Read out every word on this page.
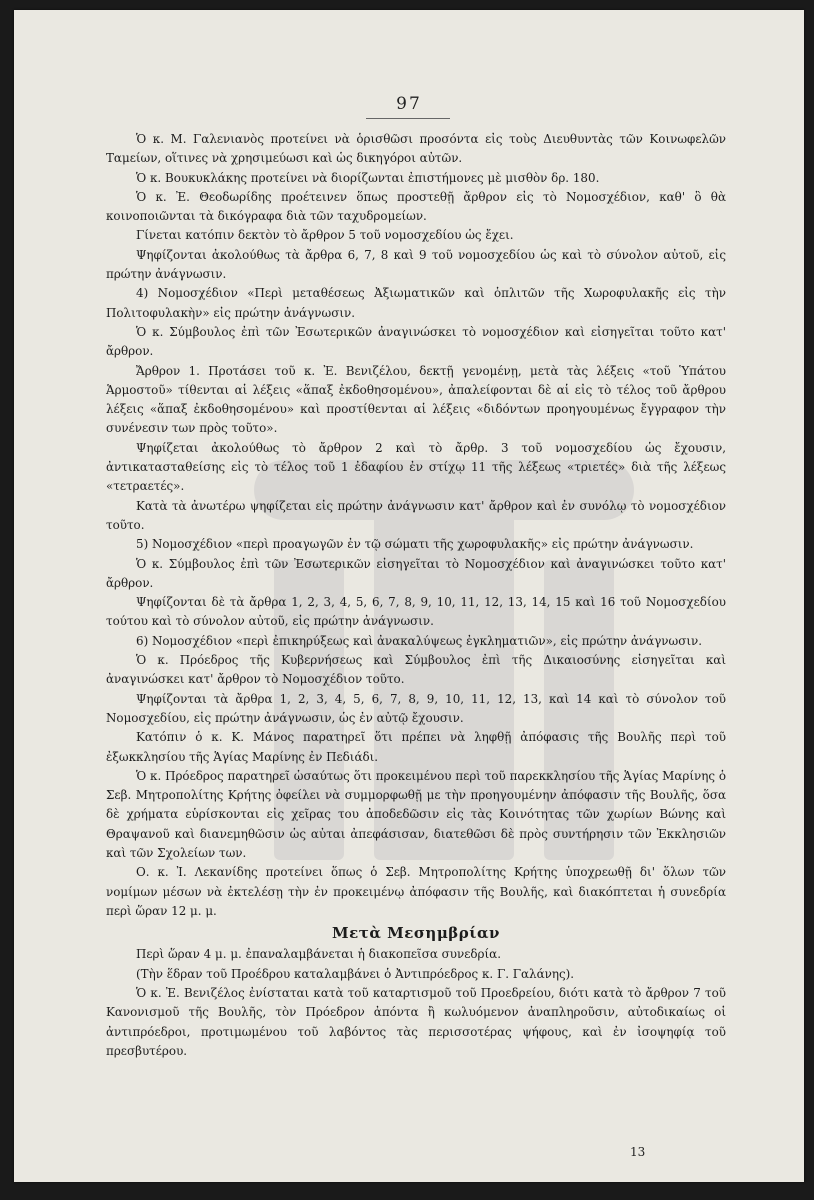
97

Ὁ κ. Μ. Γαλενιανὸς προτείνει νὰ ὁρισθῶσι προσόντα εἰς τοὺς Διευθυντὰς τῶν Κοινωφελῶν Ταμείων, οἵτινες νὰ χρησιμεύωσι καὶ ὡς δικηγόροι αὐτῶν.

Ὁ κ. Βουκυκλάκης προτείνει νὰ διορίζωνται ἐπιστήμονες μὲ μισθὸν δρ. 180.

Ὁ κ. Ἐ. Θεοδωρίδης προέτεινεν ὅπως προστεθῇ ἄρθρον εἰς τὸ Νομοσχέδιον, καθ' ὃ θὰ κοινοποιῶνται τὰ δικόγραφα διὰ τῶν ταχυδρομείων.

Γίνεται κατόπιν δεκτὸν τὸ ἄρθρον 5 τοῦ νομοσχεδίου ὡς ἔχει.

Ψηφίζονται ἀκολούθως τὰ ἄρθρα 6, 7, 8 καὶ 9 τοῦ νομοσχεδίου ὡς καὶ τὸ σύνολον αὐτοῦ, εἰς πρώτην ἀνάγνωσιν.

4) Νομοσχέδιον «Περὶ μεταθέσεως Ἀξιωματικῶν καὶ ὁπλιτῶν τῆς Χωροφυλακῆς εἰς τὴν Πολιτοφυλακὴν» εἰς πρώτην ἀνάγνωσιν.

Ὁ κ. Σύμβουλος ἐπὶ τῶν Ἐσωτερικῶν ἀναγινώσκει τὸ νομοσχέδιον καὶ εἰσηγεῖται τοῦτο κατ' ἄρθρον.

Ἄρθρον 1. Προτάσει τοῦ κ. Ἐ. Βενιζέλου, δεκτῇ γενομένῃ, μετὰ τὰς λέξεις «τοῦ Ὑπάτου Ἁρμοστοῦ» τίθενται αἱ λέξεις «ἅπαξ ἐκδοθησομένου», ἀπαλείφονται δὲ αἱ εἰς τὸ τέλος τοῦ ἄρθρου λέξεις «ἅπαξ ἐκδοθησομένου» καὶ προστίθενται αἱ λέξεις «διδόντων προηγουμένως ἔγγραφον τὴν συνένεσιν των πρὸς τοῦτο».

Ψηφίζεται ἀκολούθως τὸ ἄρθρον 2 καὶ τὸ ἄρθρ. 3 τοῦ νομοσχεδίου ὡς ἔχουσιν, ἀντικατασταθείσης εἰς τὸ τέλος τοῦ 1 ἐδαφίου ἐν στίχῳ 11 τῆς λέξεως «τριετές» διὰ τῆς λέξεως «τετραετές».

Κατὰ τὰ ἀνωτέρω ψηφίζεται εἰς πρώτην ἀνάγνωσιν κατ' ἄρθρον καὶ ἐν συνόλῳ τὸ νομοσχέδιον τοῦτο.

5) Νομοσχέδιον «περὶ προαγωγῶν ἐν τῷ σώματι τῆς χωροφυλακῆς» εἰς πρώτην ἀνάγνωσιν.

Ὁ κ. Σύμβουλος ἐπὶ τῶν Ἐσωτερικῶν εἰσηγεῖται τὸ Νομοσχέδιον καὶ ἀναγινώσκει τοῦτο κατ' ἄρθρον.

Ψηφίζονται δὲ τὰ ἄρθρα 1, 2, 3, 4, 5, 6, 7, 8, 9, 10, 11, 12, 13, 14, 15 καὶ 16 τοῦ Νομοσχεδίου τούτου καὶ τὸ σύνολον αὐτοῦ, εἰς πρώτην ἀνάγνωσιν.

6) Νομοσχέδιον «περὶ ἐπικηρύξεως καὶ ἀνακαλύψεως ἐγκληματιῶν», εἰς πρώτην ἀνάγνωσιν.

Ὁ κ. Πρόεδρος τῆς Κυβερνήσεως καὶ Σύμβουλος ἐπὶ τῆς Δικαιοσύνης εἰσηγεῖται καὶ ἀναγινώσκει κατ' ἄρθρον τὸ Νομοσχέδιον τοῦτο.

Ψηφίζονται τὰ ἄρθρα 1, 2, 3, 4, 5, 6, 7, 8, 9, 10, 11, 12, 13, καὶ 14 καὶ τὸ σύνολον τοῦ Νομοσχεδίου, εἰς πρώτην ἀνάγνωσιν, ὡς ἐν αὐτῷ ἔχουσιν.

Κατόπιν ὁ κ. Κ. Μάνος παρατηρεῖ ὅτι πρέπει νὰ ληφθῇ ἀπόφασις τῆς Βουλῆς περὶ τοῦ ἐξωκκλησίου τῆς Ἁγίας Μαρίνης ἐν Πεδιάδι.

Ὁ κ. Πρόεδρος παρατηρεῖ ὡσαύτως ὅτι προκειμένου περὶ τοῦ παρεκκλησίου τῆς Ἁγίας Μαρίνης ὁ Σεβ. Μητροπολίτης Κρήτης ὀφείλει νὰ συμμορφωθῇ με τὴν προηγουμένην ἀπόφασιν τῆς Βουλῆς, ὅσα δὲ χρήματα εὑρίσκονται εἰς χεῖρας του ἀποδεδῶσιν εἰς τὰς Κοινότητας τῶν χωρίων Βώνης καὶ Θραψανοῦ καὶ διανεμηθῶσιν ὡς αὐται ἀπεφάσισαν, διατεθῶσι δὲ πρὸς συντήρησιν τῶν Ἐκκλησιῶν καὶ τῶν Σχολείων των.

Ο. κ. Ἰ. Λεκανίδης προτείνει ὅπως ὁ Σεβ. Μητροπολίτης Κρήτης ὑποχρεωθῇ δι' ὅλων τῶν νομίμων μέσων νὰ ἐκτελέσῃ τὴν ἐν προκειμένῳ ἀπόφασιν τῆς Βουλῆς, καὶ διακόπτεται ἡ συνεδρία περὶ ὥραν 12 μ. μ.

Μετὰ Μεσημβρίαν

Περὶ ὥραν 4 μ. μ. ἐπαναλαμβάνεται ἡ διακοπεῖσα συνεδρία.

(Τὴν ἕδραν τοῦ Προέδρου καταλαμβάνει ὁ Ἀντιπρόεδρος κ. Γ. Γαλάνης).

Ὁ κ. Ἐ. Βενιζέλος ἐνίσταται κατὰ τοῦ καταρτισμοῦ τοῦ Προεδρείου, διότι κατὰ τὸ ἄρθρον 7 τοῦ Κανονισμοῦ τῆς Βουλῆς, τὸν Πρόεδρον ἀπόντα ἢ κωλυόμενον ἀναπληροῦσιν, αὐτοδικαίως οἱ ἀντιπρόεδροι, προτιμωμένου τοῦ λαβόντος τὰς περισσοτέρας ψήφους, καὶ ἐν ἰσοψηφίᾳ τοῦ πρεσβυτέρου.

13
